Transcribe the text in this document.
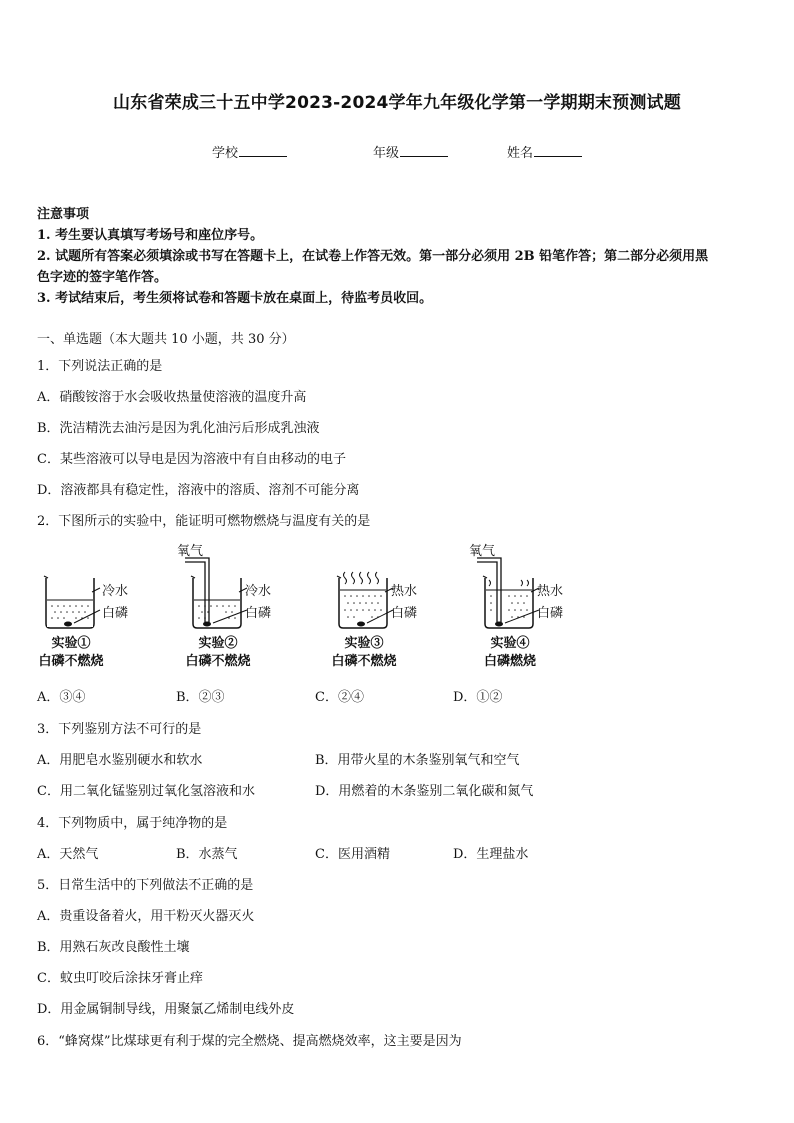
山东省荣成三十五中学2023-2024学年九年级化学第一学期期末预测试题
学校	年级	姓名
注意事项
1. 考生要认真填写考场号和座位序号。
2. 试题所有答案必须填涂或书写在答题卡上，在试卷上作答无效。第一部分必须用 2B 铅笔作答；第二部分必须用黑
色字迹的签字笔作答。
3. 考试结束后，考生须将试卷和答题卡放在桌面上，待监考员收回。
一、单选题（本大题共 10 小题，共 30 分）
1．下列说法正确的是
A．硝酸铵溶于水会吸收热量使溶液的温度升高
B．洗洁精洗去油污是因为乳化油污后形成乳浊液
C．某些溶液可以导电是因为溶液中有自由移动的电子
D．溶液都具有稳定性，溶液中的溶质、溶剂不可能分离
2．下图所示的实验中，能证明可燃物燃烧与温度有关的是
冷水
白磷
实验①
白磷不燃烧
氧气
冷水
白磷
实验②
白磷不燃烧
热水
白磷
实验③
白磷不燃烧
氧气
热水
白磷
实验④
白磷燃烧
A．③④	B．②③	C．②④	D．①②
3．下列鉴别方法不可行的是
A．用肥皂水鉴别硬水和软水	B．用带火星的木条鉴别氧气和空气
C．用二氧化锰鉴别过氧化氢溶液和水	D．用燃着的木条鉴别二氧化碳和氮气
4．下列物质中，属于纯净物的是
A．天然气	B．水蒸气	C．医用酒精	D．生理盐水
5．日常生活中的下列做法不正确的是
A．贵重设备着火，用干粉灭火器灭火
B．用熟石灰改良酸性土壤
C．蚊虫叮咬后涂抹牙膏止痒
D．用金属铜制导线，用聚氯乙烯制电线外皮
6．“蜂窝煤”比煤球更有利于煤的完全燃烧、提高燃烧效率，这主要是因为
